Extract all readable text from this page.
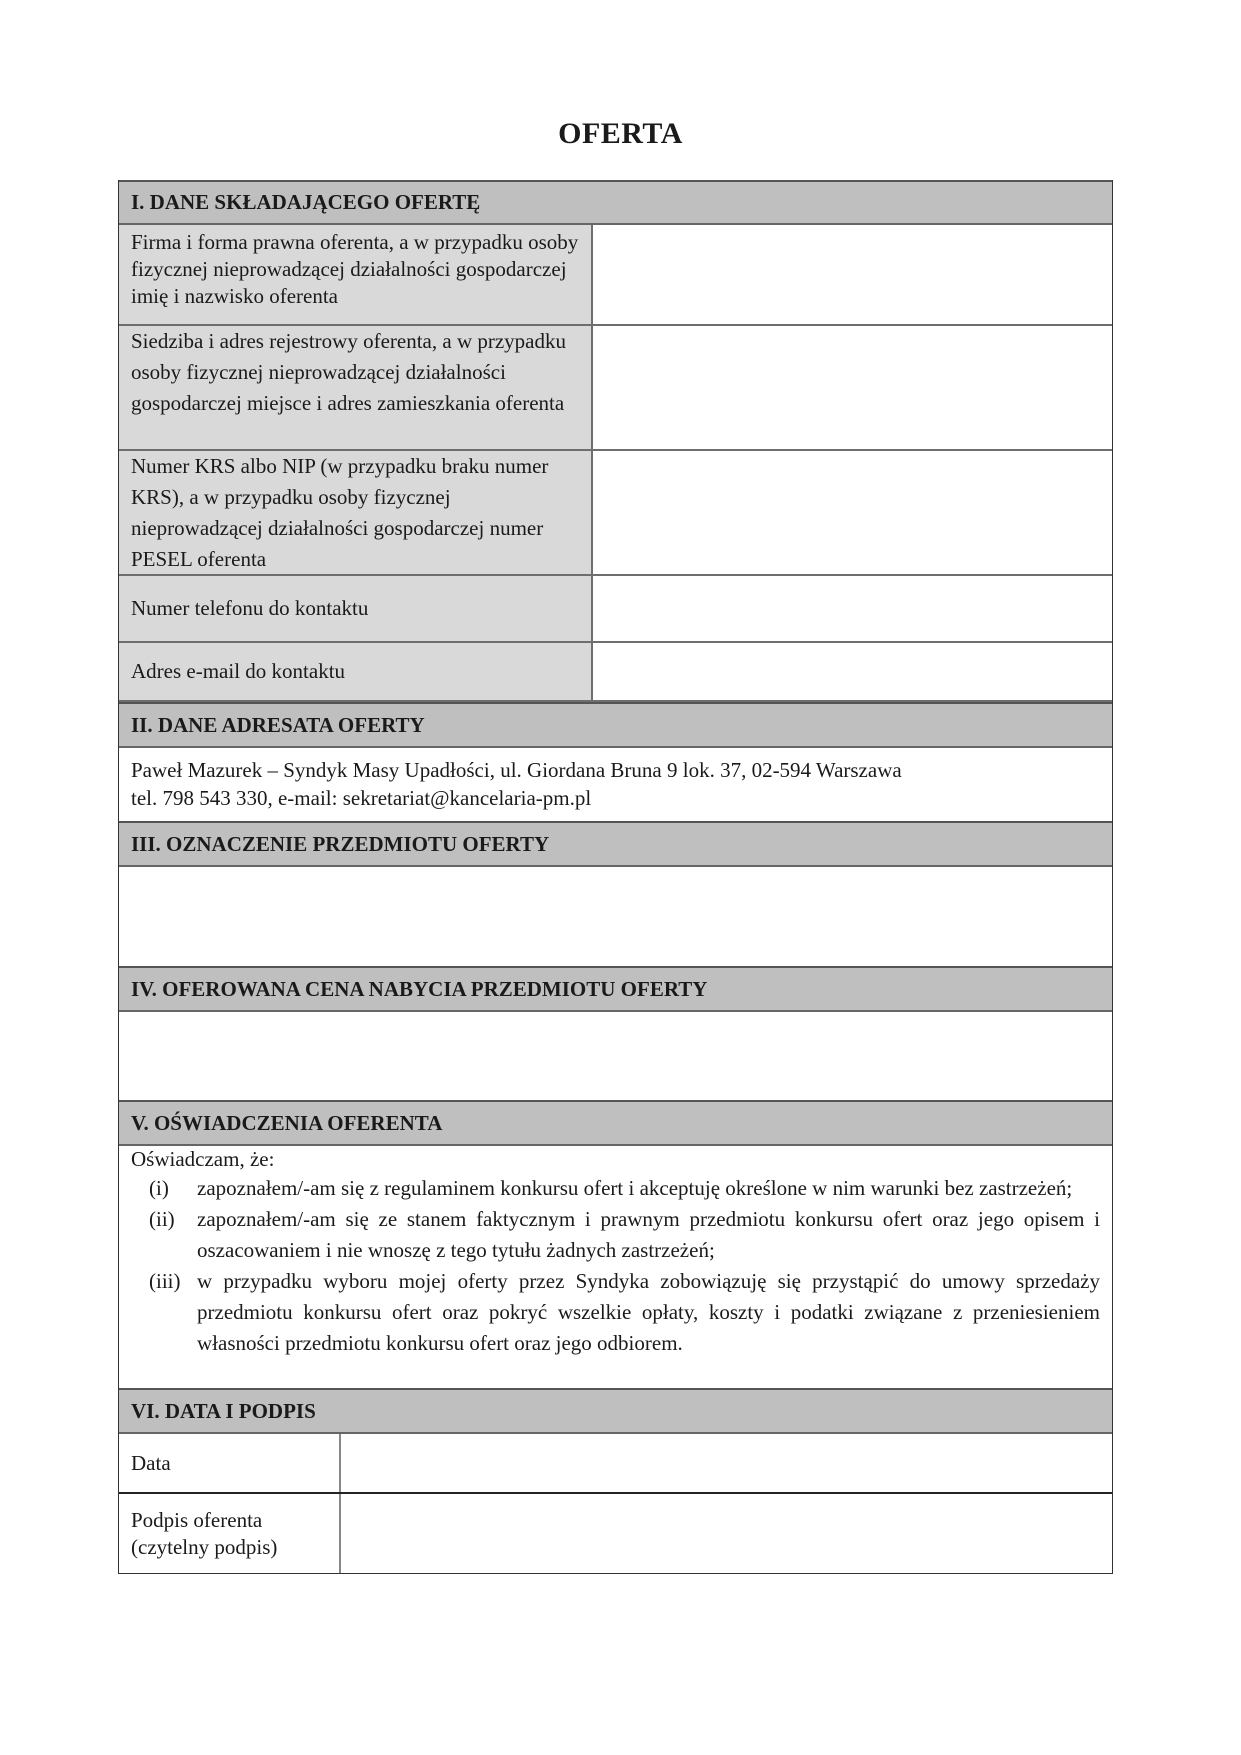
OFERTA
I. DANE SKŁADAJĄCEGO OFERTĘ
Firma i forma prawna oferenta, a w przypadku osoby fizycznej nieprowadzącej działalności gospodarczej imię i nazwisko oferenta
Siedziba i adres rejestrowy oferenta, a w przypadku osoby fizycznej nieprowadzącej działalności gospodarczej miejsce i adres zamieszkania oferenta
Numer KRS albo NIP (w przypadku braku numer KRS), a w przypadku osoby fizycznej nieprowadzącej działalności gospodarczej numer PESEL oferenta
Numer telefonu do kontaktu
Adres e-mail do kontaktu
II. DANE ADRESATA OFERTY
Paweł Mazurek – Syndyk Masy Upadłości, ul. Giordana Bruna 9 lok. 37, 02-594 Warszawa
tel. 798 543 330, e-mail: sekretariat@kancelaria-pm.pl
III. OZNACZENIE PRZEDMIOTU OFERTY
IV. OFEROWANA CENA NABYCIA PRZEDMIOTU OFERTY
V. OŚWIADCZENIA OFERENTA
Oświadczam, że:
(i)	zapoznałem/-am się z regulaminem konkursu ofert i akceptuję określone w nim warunki bez zastrzeżeń;
(ii)	zapoznałem/-am się ze stanem faktycznym i prawnym przedmiotu konkursu ofert oraz jego opisem i oszacowaniem i nie wnoszę z tego tytułu żadnych zastrzeżeń;
(iii) w przypadku wyboru mojej oferty przez Syndyka zobowiązuję się przystąpić do umowy sprzedaży przedmiotu konkursu ofert oraz pokryć wszelkie opłaty, koszty i podatki związane z przeniesieniem własności przedmiotu konkursu ofert oraz jego odbiorem.
VI. DATA I PODPIS
Data
Podpis oferenta (czytelny podpis)
